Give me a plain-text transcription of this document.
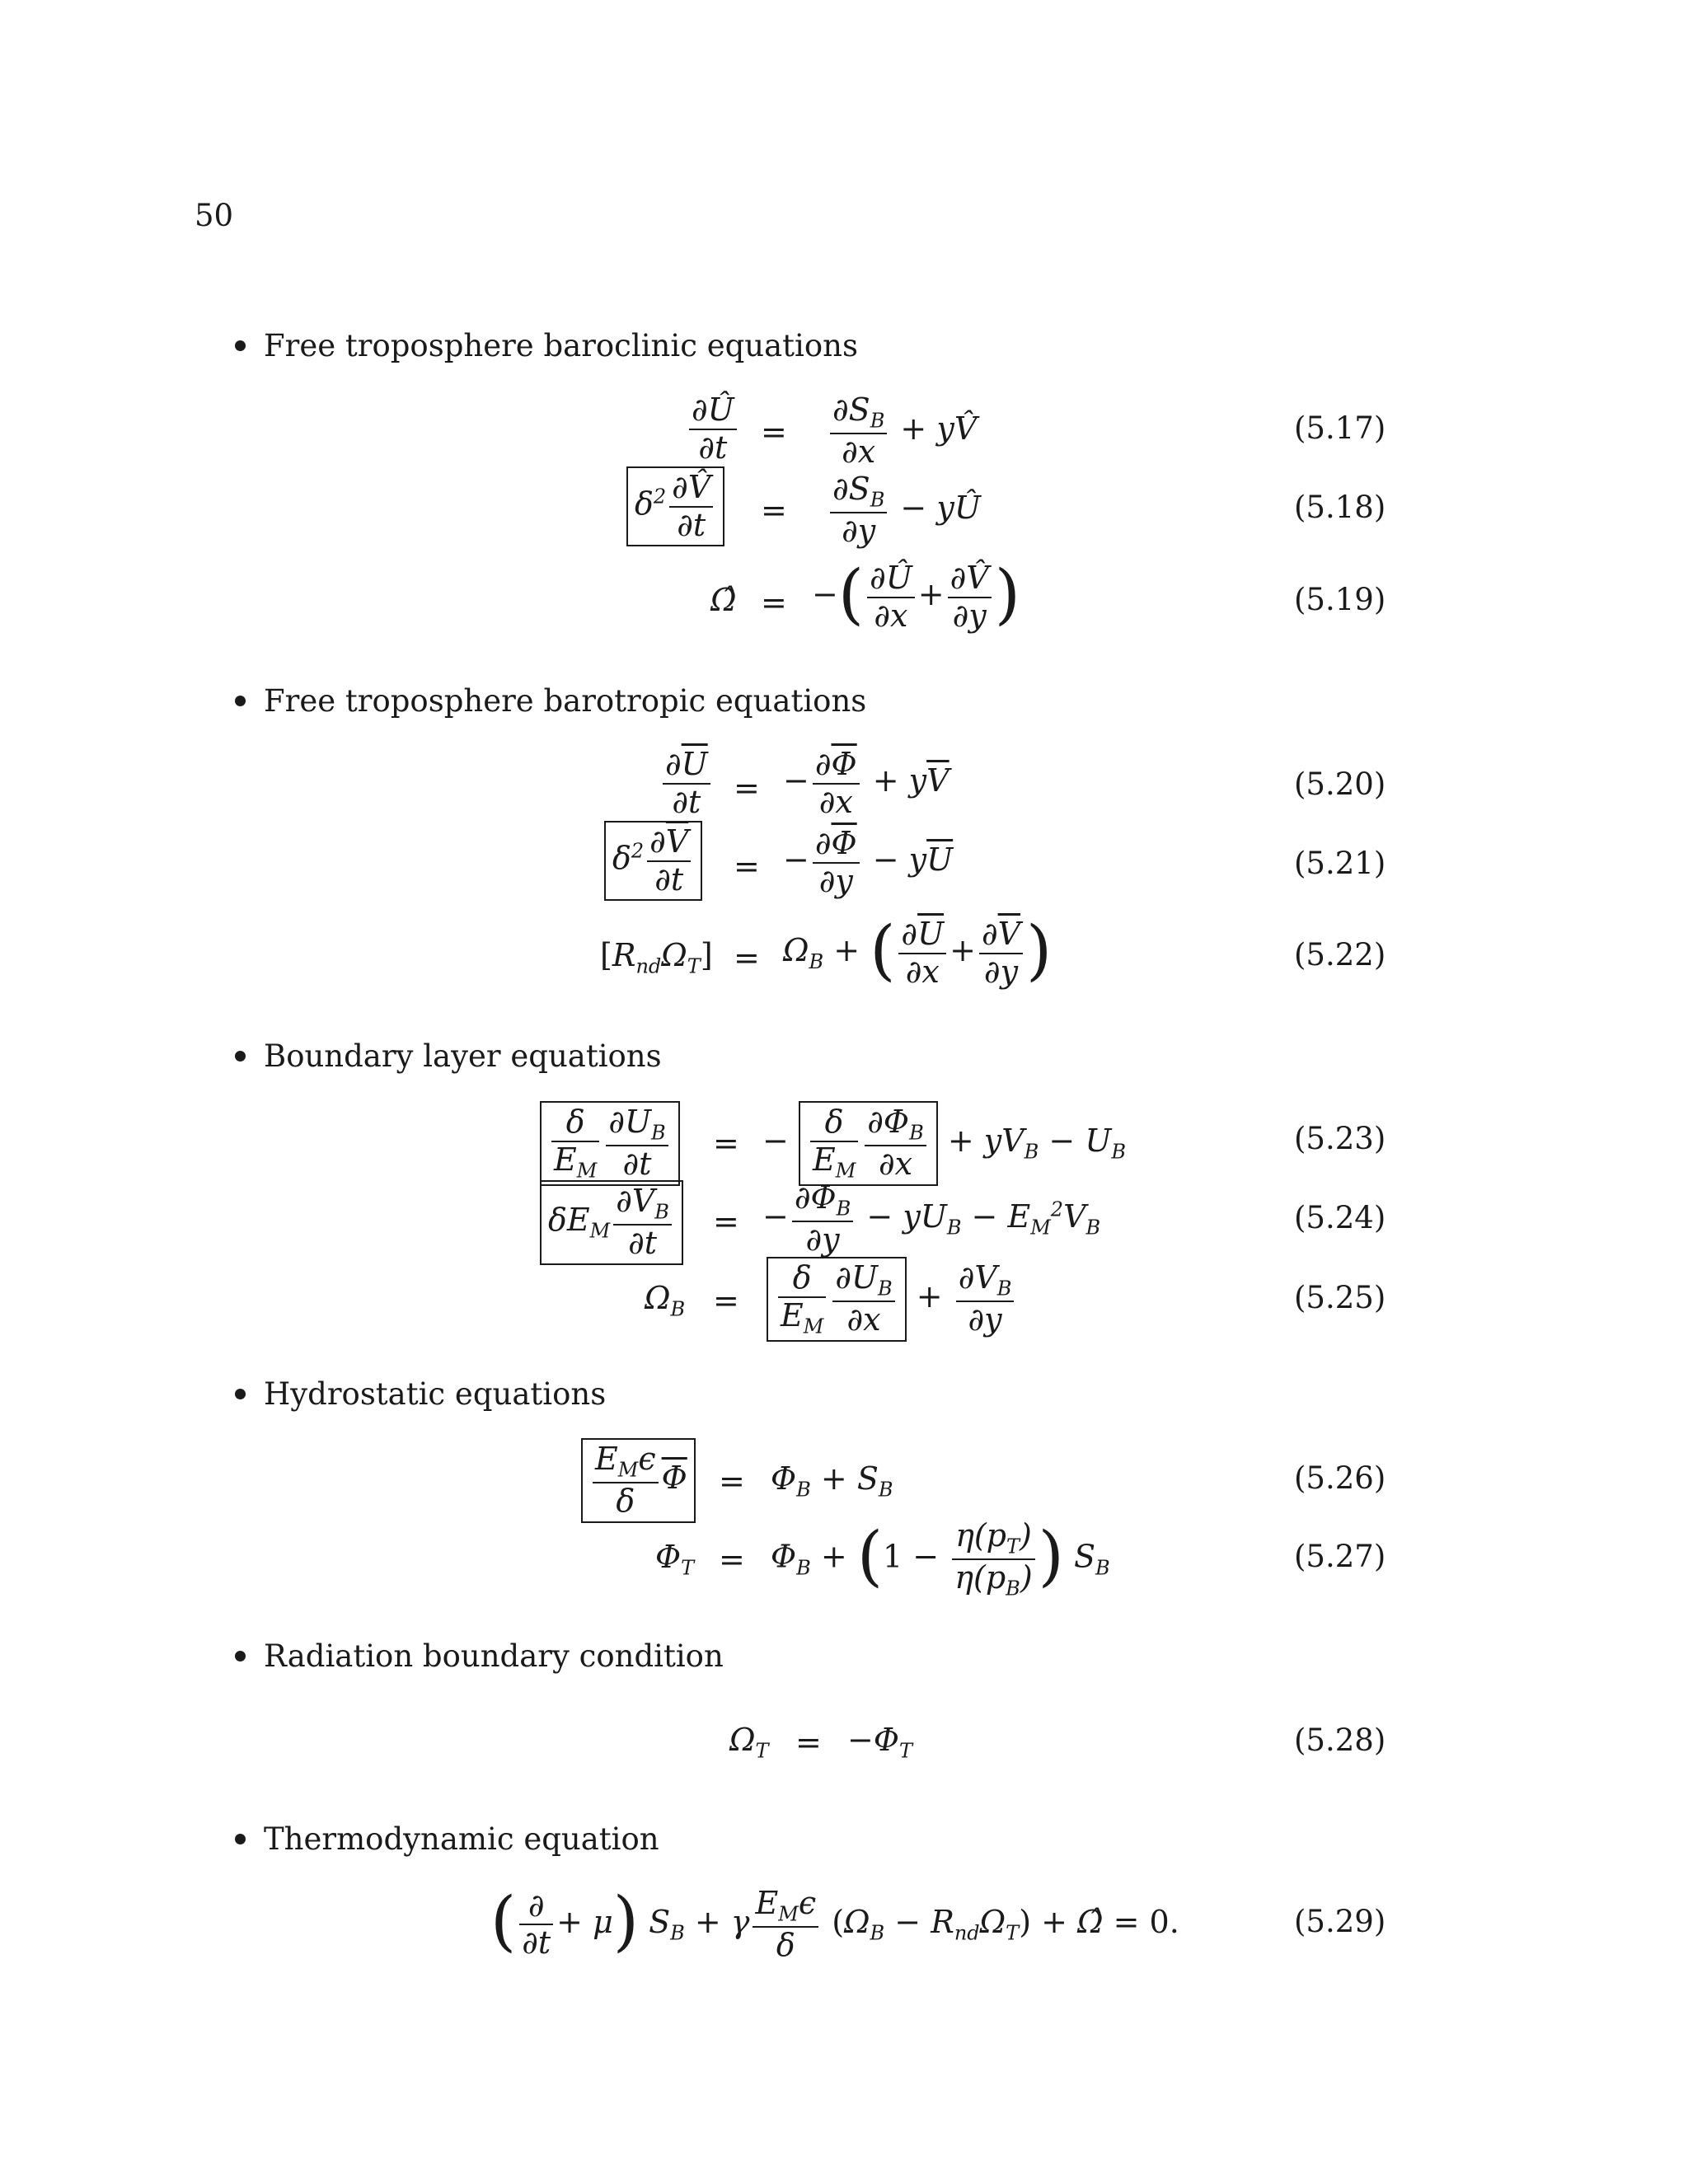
50
Free troposphere baroclinic equations
$\frac{\partial Û}{\partial t} = \frac{\partial S_B}{\partial x}$ + yV̂	(5.17)
$\delta^2 \frac{\partial V̂}{\partial t} = \frac{\partial S_B}{\partial y}$ − yÛ	(5.18)
Ω̂ = −( $\frac{\partial Û}{\partial x} + \frac{\partial V̂}{\partial y}$ )	(5.19)
Free troposphere barotropic equations
$\frac{\partial\overline{U}}{\partial t}$ = − $\frac{\partial\overline{\Phi}}{\partial x} + y\overline{V}$	(5.20)
$\delta^2 \frac{\partial\overline{V}}{\partial t}$ = − $\frac{\partial\overline{\Phi}}{\partial y} - y\overline{U}$	(5.21)
$[R_{nd}\Omega_T] = \Omega_B$ + ( $\frac{\partial\overline{U}}{\partial x} + \frac{\partial\overline{V}}{\partial y}$ )	(5.22)
Boundary layer equations
$\frac{\delta}{E_M} \frac{\partial U_B}{\partial t}$ = − $\frac{\delta}{E_M} \frac{\partial\Phi_B}{\partial x} + yV_B - U_B$	(5.23)
$\delta E_M \frac{\partial V_B}{\partial t}$ = − $\frac{\partial\Phi_B}{\partial y} - yU_B - E_M^2V_B$	(5.24)
$\Omega_B = \frac{\delta}{E_M} \frac{\partial U_B}{\partial x} + \frac{\partial V_B}{\partial y}$	(5.25)
Hydrostatic equations
$\frac{E_M\epsilon}{\delta} \overline{\Phi} = \Phi_B + S_B$	(5.26)
$\Phi_T = \Phi_B + (1 - \frac{\eta(p_T)}{\eta(p_B)}$ ) $S_B$	(5.27)
Radiation boundary condition
$\Omega_T = -\Phi_T$	(5.28)
Thermodynamic equation
( $\frac{\partial}{\partial t} + \mu$) $S_B + \gamma \frac{E_M\epsilon}{\delta} (\Omega_B - R_{nd}\Omega_T)$ + Ω̂ = 0.	(5.29)
